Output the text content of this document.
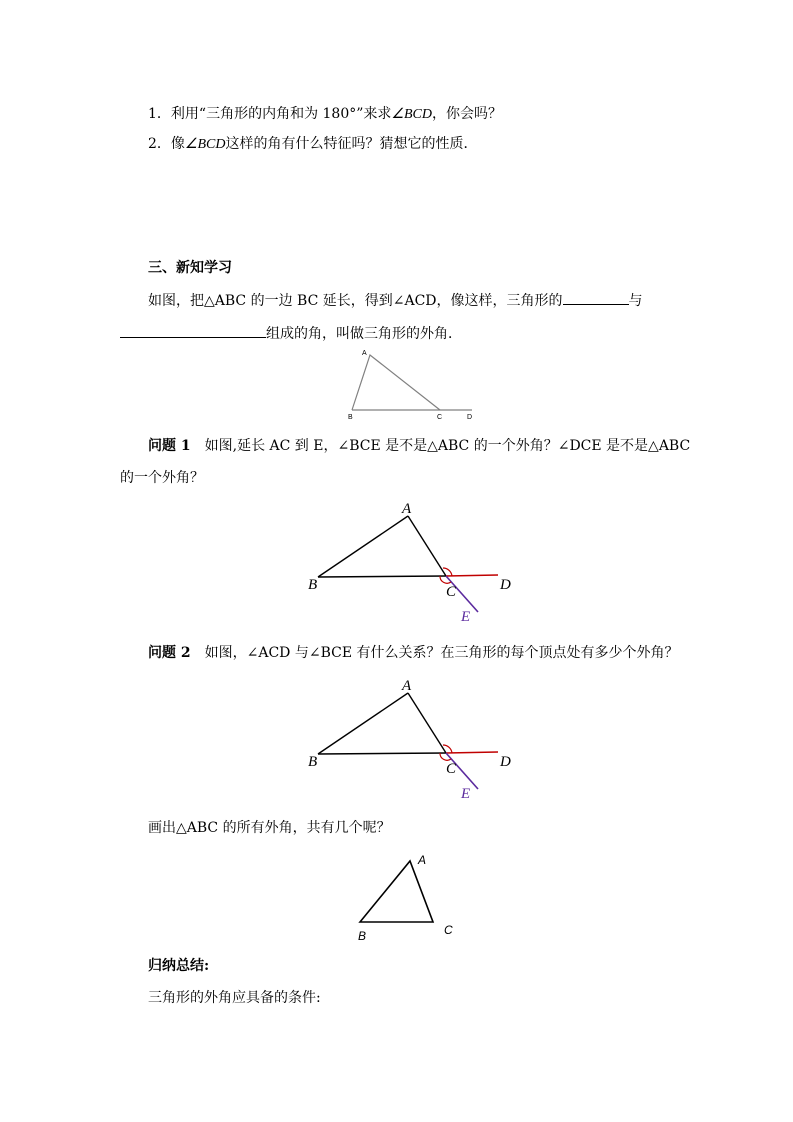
1．利用“三角形的内角和为 180°”来求∠BCD，你会吗？
2．像∠BCD这样的角有什么特征吗？猜想它的性质．
三、新知学习
如图，把△ABC 的一边 BC 延长，得到∠ACD，像这样，三角形的	与
组成的角，叫做三角形的外角．
问题 1 如图,延长 AC 到 E，∠BCE 是不是△ABC 的一个外角？∠DCE 是不是△ABC
的一个外角？
问题 2 如图，∠ACD 与∠BCE 有什么关系？在三角形的每个顶点处有多少个外角？
画出△ABC 的所有外角，共有几个呢？
归纳总结:
三角形的外角应具备的条件:
A
B	C	D
A
B	C	D
E
A
B	C	D
E
A
B	C
